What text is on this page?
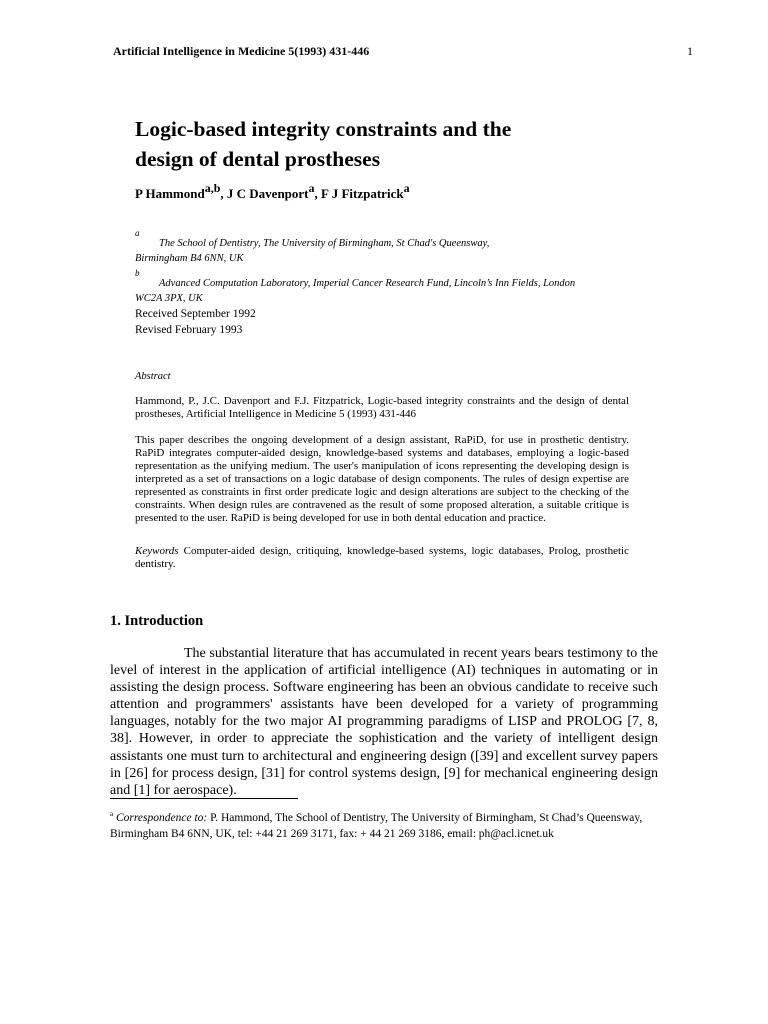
Artificial Intelligence in Medicine 5(1993) 431-446	1
Logic-based integrity constraints and the
design of dental prostheses
P Hammond$^{a,b}$, J C Davenport$^a$, F J Fitzpatrick$^a$
a
The School of Dentistry, The University of Birmingham, St Chad's Queensway,
Birmingham B4 6NN, UK
b
Advanced Computation Laboratory, Imperial Cancer Research Fund, Lincoln’s Inn Fields, London
WC2A 3PX, UK
Received September 1992
Revised February 1993
Abstract
Hammond, P., J.C. Davenport and F.J. Fitzpatrick, Logic-based integrity constraints and the design of dental prostheses, Artificial Intelligence in Medicine 5 (1993) 431-446
This paper describes the ongoing development of a design assistant, RaPiD, for use in prosthetic dentistry. RaPiD integrates computer-aided design, knowledge-based systems and databases, employing a logic-based representation as the unifying medium. The user's manipulation of icons representing the developing design is interpreted as a set of transactions on a logic database of design components. The rules of design expertise are represented as constraints in first order predicate logic and design alterations are subject to the checking of the constraints. When design rules are contravened as the result of some proposed alteration, a suitable critique is presented to the user. RaPiD is being developed for use in both dental education and practice.
Keywords Computer-aided design, critiquing, knowledge-based systems, logic databases, Prolog, prosthetic dentistry.
1. Introduction
The substantial literature that has accumulated in recent years bears testimony to the level of interest in the application of artificial intelligence (AI) techniques in automating or in assisting the design process. Software engineering has been an obvious candidate to receive such attention and programmers' assistants have been developed for a variety of programming languages, notably for the two major AI programming paradigms of LISP and PROLOG [7, 8, 38]. However, in order to appreciate the sophistication and the variety of intelligent design assistants one must turn to architectural and engineering design ([39] and excellent survey papers in [26] for process design, [31] for control systems design, [9] for mechanical engineering design and [1] for aerospace).
$^a$ Correspondence to: P. Hammond, The School of Dentistry, The University of Birmingham, St Chad’s Queensway, Birmingham B4 6NN, UK, tel: +44 21 269 3171, fax: + 44 21 269 3186, email: ph@acl.icnet.uk
